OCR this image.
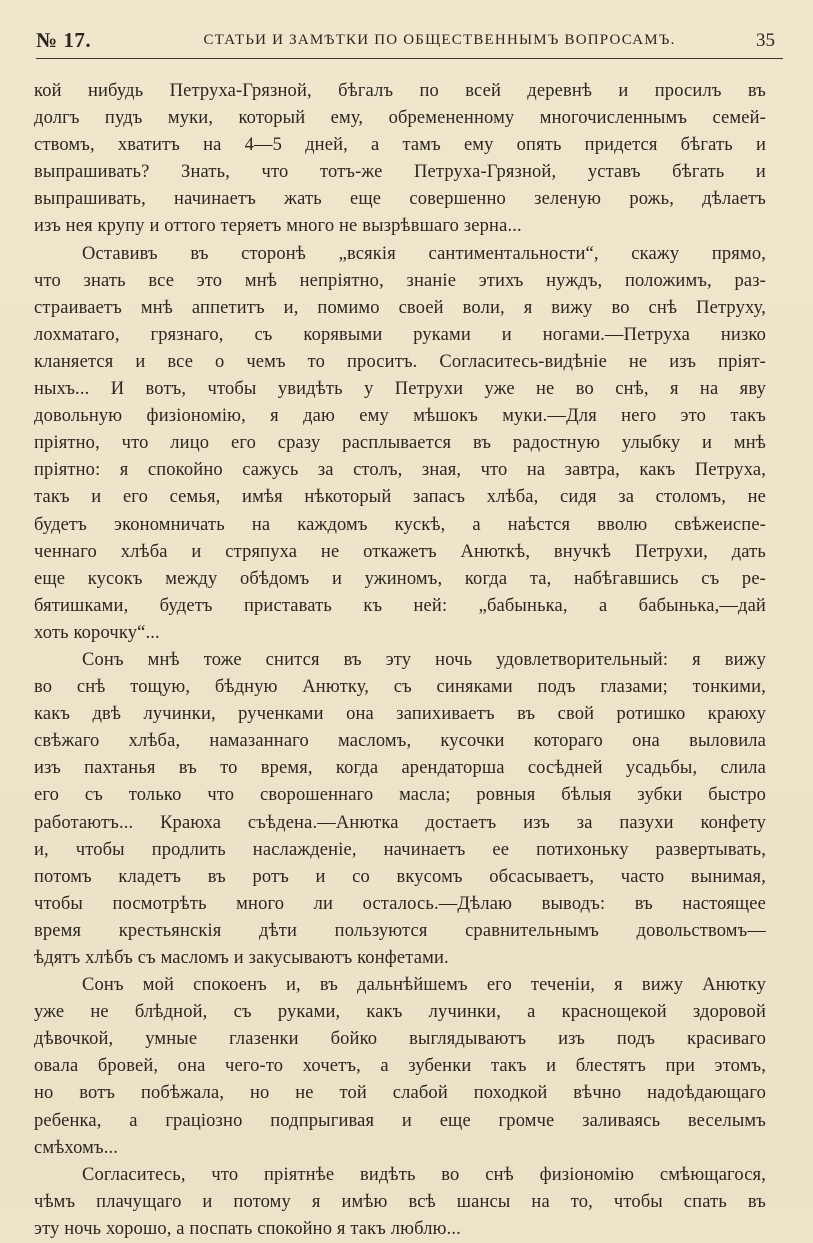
№ 17.	СТАТЬИ И ЗАМѢТКИ ПО ОБЩЕСТВЕННЫМЪ ВОПРОСАМЪ.	35
кой нибудь Петруха-Грязной, бѣгалъ по всей деревнѣ и просилъ въ
долгъ пудъ муки, который ему, обремененному многочисленнымъ семей-
ствомъ, хватитъ на 4—5 дней, а тамъ ему опять придется бѣгать и
выпрашивать? Знать, что тотъ-же Петруха-Грязной, уставъ бѣгать и
выпрашивать, начинаетъ жать еще совершенно зеленую рожь, дѣлаетъ
изъ нея крупу и оттого теряетъ много не вызрѣвшаго зерна...
Оставивъ въ сторонѣ „всякія сантиментальности“, скажу прямо,
что знать все это мнѣ непріятно, знаніе этихъ нуждъ, положимъ, раз-
страиваетъ мнѣ аппетитъ и, помимо своей воли, я вижу во снѣ Петруху,
лохматаго, грязнаго, съ корявыми руками и ногами.—Петруха низко
кланяется и все о чемъ то проситъ. Согласитесь-видѣніе не изъ пріят-
ныхъ... И вотъ, чтобы увидѣть у Петрухи уже не во снѣ, я на яву
довольную физіономію, я даю ему мѣшокъ муки.—Для него это такъ
пріятно, что лицо его сразу расплывается въ радостную улыбку и мнѣ
пріятно: я спокойно сажусь за столъ, зная, что на завтра, какъ Петруха,
такъ и его семья, имѣя нѣкоторый запасъ хлѣба, сидя за столомъ, не
будетъ экономничать на каждомъ кускѣ, а наѣстся вволю свѣжеиспе-
ченнаго хлѣба и стряпуха не откажетъ Анюткѣ, внучкѣ Петрухи, дать
еще кусокъ между обѣдомъ и ужиномъ, когда та, набѣгавшись съ ре-
бятишками, будетъ приставать къ ней: „бабынька, а бабынька,—дай
хоть корочку“...
Сонъ мнѣ тоже снится въ эту ночь удовлетворительный: я вижу
во снѣ тощую, бѣдную Анютку, съ синяками подъ глазами; тонкими,
какъ двѣ лучинки, рученками она запихиваетъ въ свой ротишко краюху
свѣжаго хлѣба, намазаннаго масломъ, кусочки котораго она выловила
изъ пахтанья въ то время, когда арендаторша сосѣдней усадьбы, слила
его съ только что сворошеннаго масла; ровныя бѣлыя зубки быстро
работаютъ... Краюха съѣдена.—Анютка достаетъ изъ за пазухи конфету
и, чтобы продлить наслажденіе, начинаетъ ее потихоньку развертывать,
потомъ кладетъ въ ротъ и со вкусомъ обсасываетъ, часто вынимая,
чтобы посмотрѣть много ли осталось.—Дѣлаю выводъ: въ настоящее
время крестьянскія дѣти пользуются сравнительнымъ довольствомъ—
ѣдятъ хлѣбъ съ масломъ и закусываютъ конфетами.
Сонъ мой спокоенъ и, въ дальнѣйшемъ его теченіи, я вижу Анютку
уже не блѣдной, съ руками, какъ лучинки, а краснощекой здоровой
дѣвочкой, умные глазенки бойко выглядываютъ изъ подъ красиваго
овала бровей, она чего-то хочетъ, а зубенки такъ и блестятъ при этомъ,
но вотъ побѣжала, но не той слабой походкой вѣчно надоѣдающаго
ребенка, а граціозно подпрыгивая и еще громче заливаясь веселымъ
смѣхомъ...
Согласитесь, что пріятнѣе видѣть во снѣ физіономію смѣющагося,
чѣмъ плачущаго и потому я имѣю всѣ шансы на то, чтобы спать въ
эту ночь хорошо, а поспать спокойно я такъ люблю...
